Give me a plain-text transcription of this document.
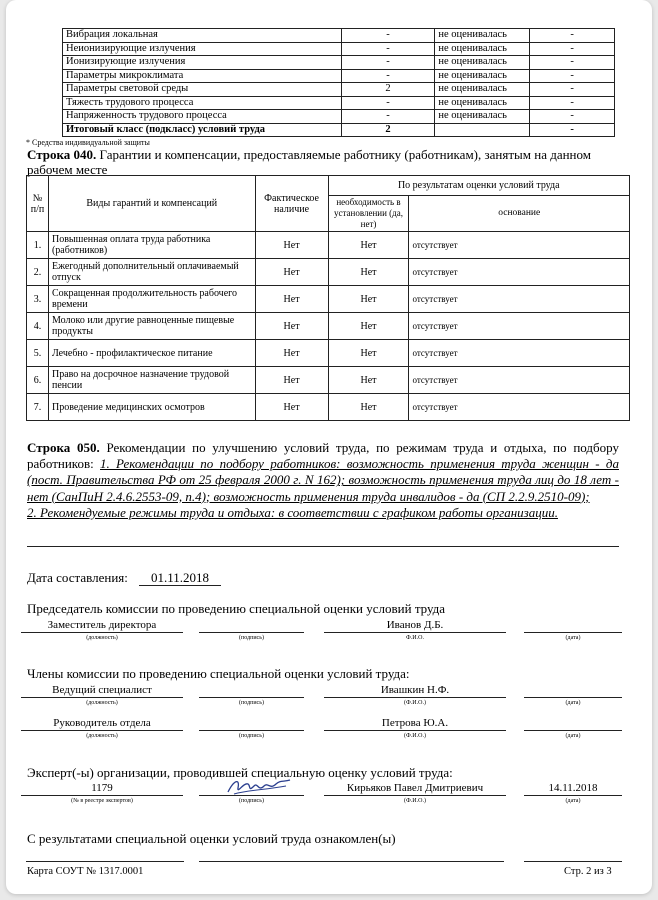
Вибрация локальная	-	не оценивалась	-
Неионизирующие излучения	-	не оценивалась	-
Ионизирующие излучения	-	не оценивалась	-
Параметры микроклимата	-	не оценивалась	-
Параметры световой среды	2	не оценивалась	-
Тяжесть трудового процесса	-	не оценивалась	-
Напряженность трудового процесса	-	не оценивалась	-
Итоговый класс (подкласс) условий труда	2		-
* Средства индивидуальной защиты
Строка 040. Гарантии и компенсации, предоставляемые работнику (работникам), занятым на данном рабочем месте
№ п/п	Виды гарантий и компенсаций	Фактическое наличие	По результатам оценки условий труда	
			необходимость в установлении (да, нет)	основание
1.	Повышенная оплата труда работника (работников)	Нет	Нет	отсутствует
2.	Ежегодный дополнительный оплачиваемый отпуск	Нет	Нет	отсутствует
3.	Сокращенная продолжительность рабочего времени	Нет	Нет	отсутствует
4.	Молоко или другие равноценные пищевые продукты	Нет	Нет	отсутствует
5.	Лечебно - профилактическое питание	Нет	Нет	отсутствует
6.	Право на досрочное назначение трудовой пенсии	Нет	Нет	отсутствует
7.	Проведение медицинских осмотров	Нет	Нет	отсутствует
Строка 050. Рекомендации по улучшению условий труда, по режимам труда и отдыха, по подбору работников: 1. Рекомендации по подбору работников: возможность применения труда женщин - да (пост. Правительства РФ от 25 февраля 2000 г. N 162); возможность применения труда лиц до 18 лет - нет (СанПиН 2.4.6.2553-09, п.4); возможность применения труда инвалидов - да (СП 2.2.9.2510-09);
2. Рекомендуемые режимы труда и отдыха: в соответствии с графиком работы организации.
Дата составления:	01.11.2018
Председатель комиссии по проведению специальной оценки условий труда
Заместитель директора	Иванов Д.Б.
(должность)	(подпись)	Ф.И.О.	(дата)
Члены комиссии по проведению специальной оценки условий труда:
Ведущий специалист	Ивашкин Н.Ф.
(должность)	(подпись)	(Ф.И.О.)	(дата)
Руководитель отдела	Петрова Ю.А.
(должность)	(подпись)	(Ф.И.О.)	(дата)
Эксперт(-ы) организации, проводившей специальную оценку условий труда:
1179	Кирьяков Павел Дмитриевич	14.11.2018
(№ в реестре экспертов)	(подпись)	(Ф.И.О.)	(дата)
С результатами специальной оценки условий труда ознакомлен(ы)
Карта СОУТ № 1317.0001	Стр. 2 из 3
